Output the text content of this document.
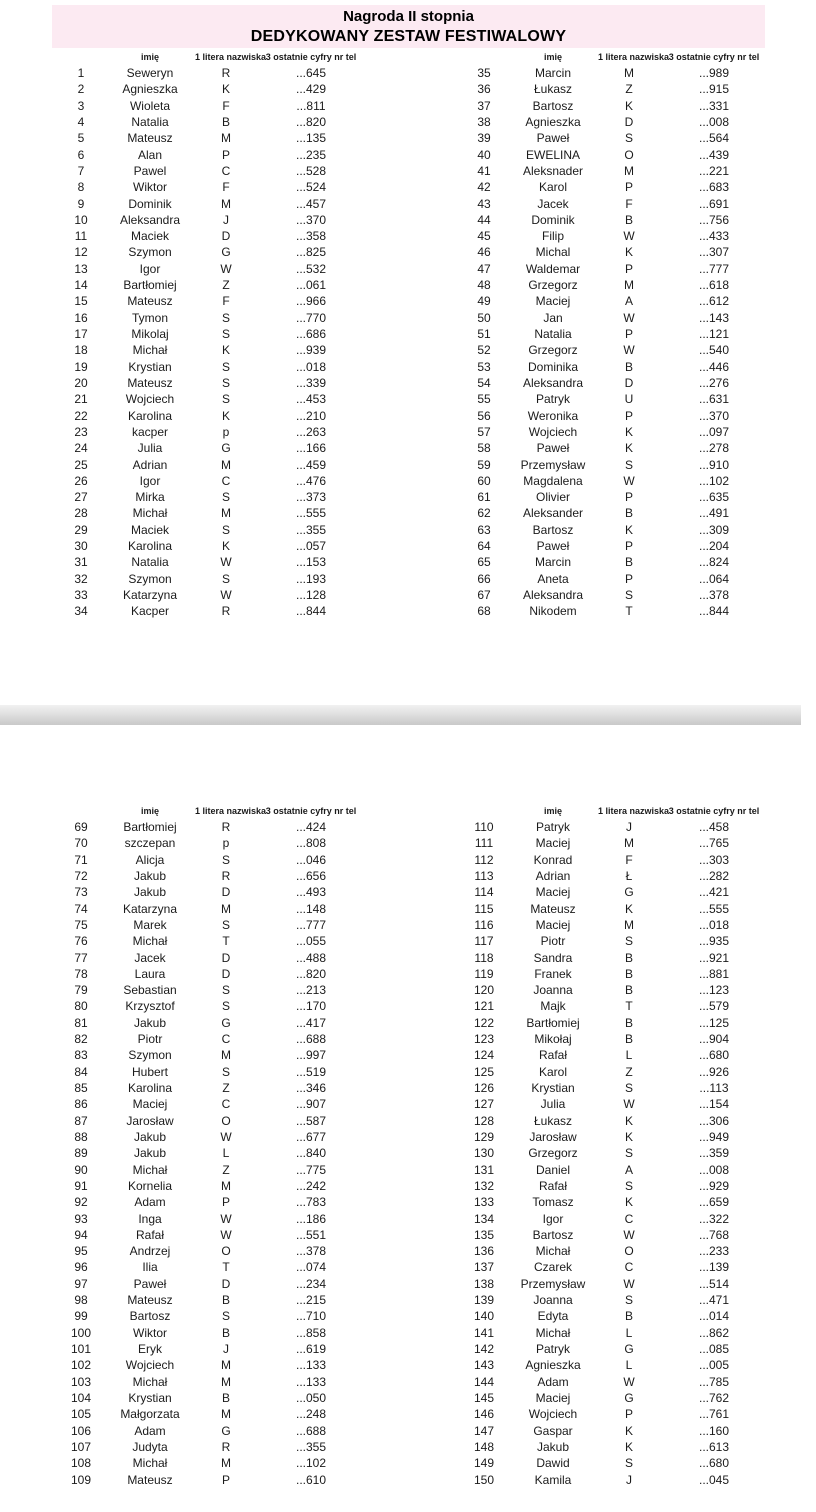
Nagroda II stopnia
DEDYKOWANY ZESTAW FESTIWALOWY
	imię	1 litera nazwiska	3 ostatnie cyfry nr tel
1	Seweryn	R	...645
2	Agnieszka	K	...429
3	Wioleta	F	...811
4	Natalia	B	...820
5	Mateusz	M	...135
6	Alan	P	...235
7	Pawel	C	...528
8	Wiktor	F	...524
9	Dominik	M	...457
10	Aleksandra	J	...370
11	Maciek	D	...358
12	Szymon	G	...825
13	Igor	W	...532
14	Bartłomiej	Z	...061
15	Mateusz	F	...966
16	Tymon	S	...770
17	Mikolaj	S	...686
18	Michał	K	...939
19	Krystian	S	...018
20	Mateusz	S	...339
21	Wojciech	S	...453
22	Karolina	K	...210
23	kacper	p	...263
24	Julia	G	...166
25	Adrian	M	...459
26	Igor	C	...476
27	Mirka	S	...373
28	Michał	M	...555
29	Maciek	S	...355
30	Karolina	K	...057
31	Natalia	W	...153
32	Szymon	S	...193
33	Katarzyna	W	...128
34	Kacper	R	...844
	imię	1 litera nazwiska	3 ostatnie cyfry nr tel
35	Marcin	M	...989
36	Łukasz	Z	...915
37	Bartosz	K	...331
38	Agnieszka	D	...008
39	Paweł	S	...564
40	EWELINA	O	...439
41	Aleksnader	M	...221
42	Karol	P	...683
43	Jacek	F	...691
44	Dominik	B	...756
45	Filip	W	...433
46	Michal	K	...307
47	Waldemar	P	...777
48	Grzegorz	M	...618
49	Maciej	A	...612
50	Jan	W	...143
51	Natalia	P	...121
52	Grzegorz	W	...540
53	Dominika	B	...446
54	Aleksandra	D	...276
55	Patryk	U	...631
56	Weronika	P	...370
57	Wojciech	K	...097
58	Paweł	K	...278
59	Przemysław	S	...910
60	Magdalena	W	...102
61	Olivier	P	...635
62	Aleksander	B	...491
63	Bartosz	K	...309
64	Paweł	P	...204
65	Marcin	B	...824
66	Aneta	P	...064
67	Aleksandra	S	...378
68	Nikodem	T	...844
	imię	1 litera nazwiska	3 ostatnie cyfry nr tel
69	Bartłomiej	R	...424
70	szczepan	p	...808
71	Alicja	S	...046
72	Jakub	R	...656
73	Jakub	D	...493
74	Katarzyna	M	...148
75	Marek	S	...777
76	Michał	T	...055
77	Jacek	D	...488
78	Laura	D	...820
79	Sebastian	S	...213
80	Krzysztof	S	...170
81	Jakub	G	...417
82	Piotr	C	...688
83	Szymon	M	...997
84	Hubert	S	...519
85	Karolina	Z	...346
86	Maciej	C	...907
87	Jarosław	O	...587
88	Jakub	W	...677
89	Jakub	L	...840
90	Michał	Z	...775
91	Kornelia	M	...242
92	Adam	P	...783
93	Inga	W	...186
94	Rafał	W	...551
95	Andrzej	O	...378
96	Ilia	T	...074
97	Paweł	D	...234
98	Mateusz	B	...215
99	Bartosz	S	...710
100	Wiktor	B	...858
101	Eryk	J	...619
102	Wojciech	M	...133
103	Michał	M	...133
104	Krystian	B	...050
105	Małgorzata	M	...248
106	Adam	G	...688
107	Judyta	R	...355
108	Michał	M	...102
109	Mateusz	P	...610
	imię	1 litera nazwiska	3 ostatnie cyfry nr tel
110	Patryk	J	...458
111	Maciej	M	...765
112	Konrad	F	...303
113	Adrian	Ł	...282
114	Maciej	G	...421
115	Mateusz	K	...555
116	Maciej	M	...018
117	Piotr	S	...935
118	Sandra	B	...921
119	Franek	B	...881
120	Joanna	B	...123
121	Majk	T	...579
122	Bartłomiej	B	...125
123	Mikołaj	B	...904
124	Rafał	L	...680
125	Karol	Z	...926
126	Krystian	S	...113
127	Julia	W	...154
128	Łukasz	K	...306
129	Jarosław	K	...949
130	Grzegorz	S	...359
131	Daniel	A	...008
132	Rafał	S	...929
133	Tomasz	K	...659
134	Igor	C	...322
135	Bartosz	W	...768
136	Michał	O	...233
137	Czarek	C	...139
138	Przemysław	W	...514
139	Joanna	S	...471
140	Edyta	B	...014
141	Michał	L	...862
142	Patryk	G	...085
143	Agnieszka	L	...005
144	Adam	W	...785
145	Maciej	G	...762
146	Wojciech	P	...761
147	Gaspar	K	...160
148	Jakub	K	...613
149	Dawid	S	...680
150	Kamila	J	...045
